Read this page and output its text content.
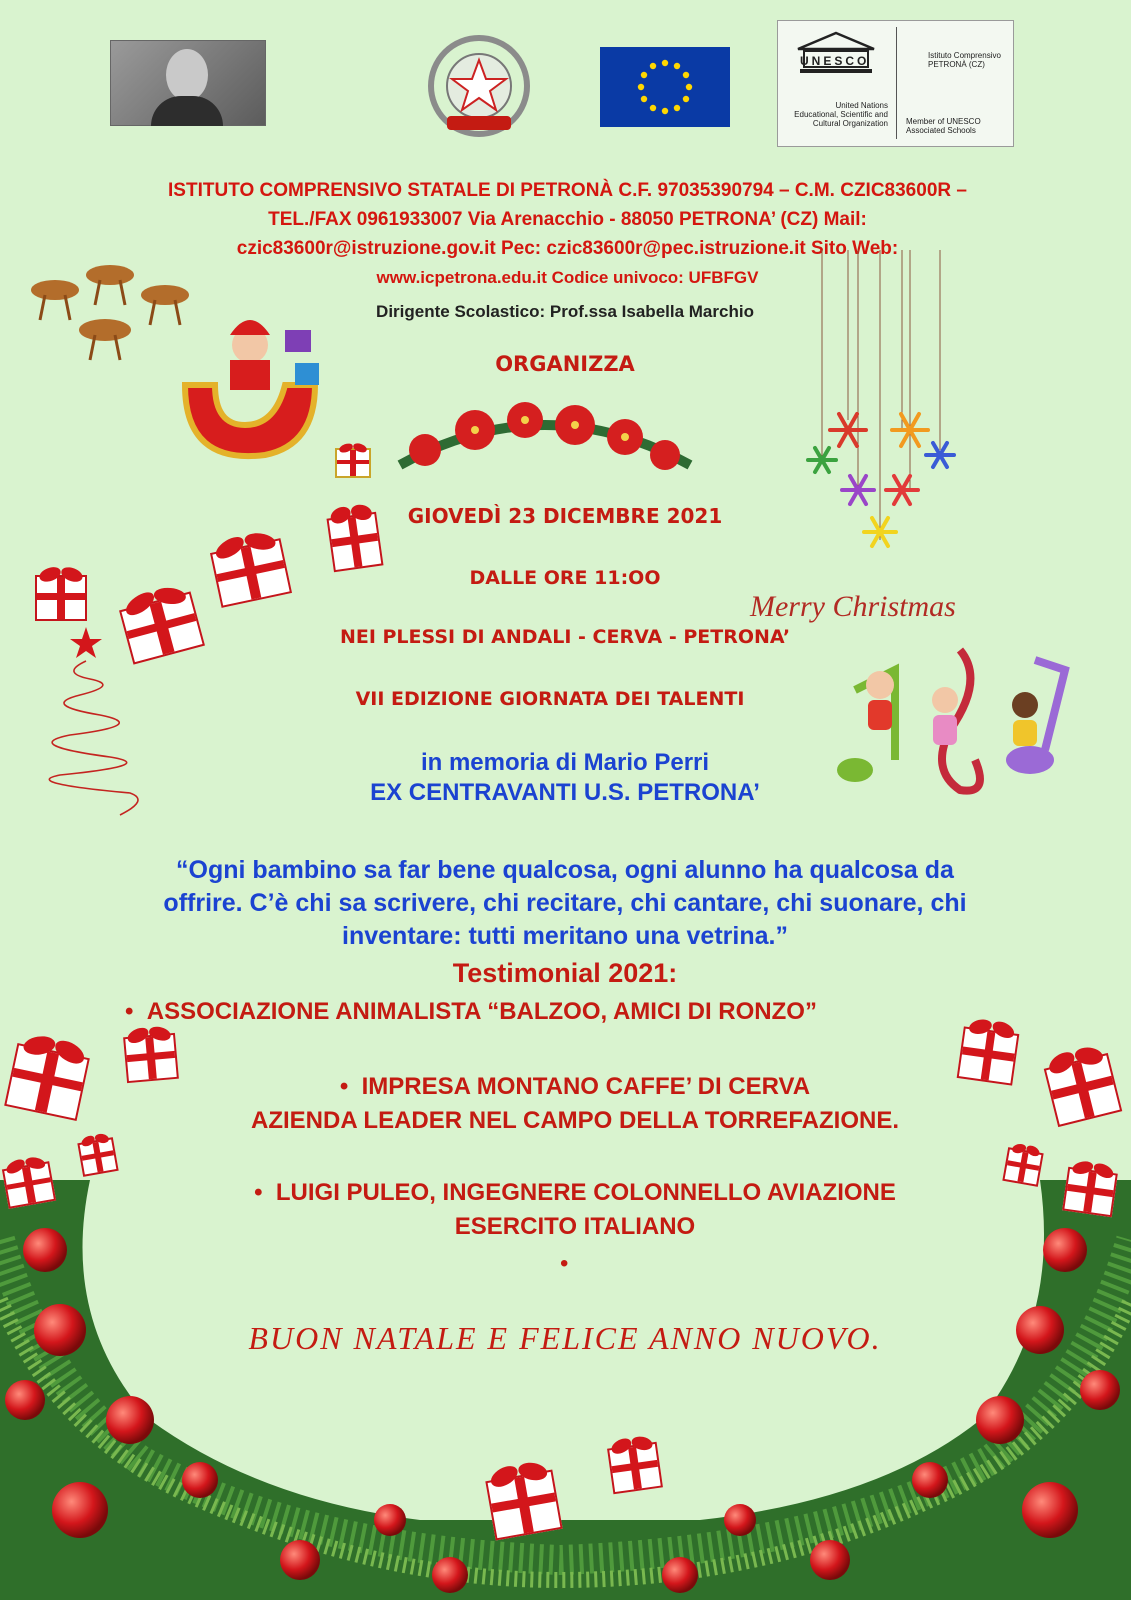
UNESCO
United Nations
Educational, Scientific and
Cultural Organization
Istituto Comprensivo
PETRONÀ (CZ)
Member of UNESCO
Associated Schools
ISTITUTO COMPRENSIVO STATALE DI PETRONÀ C.F. 97035390794 – C.M. CZIC83600R –
TEL./FAX 0961933007 Via Arenacchio - 88050 PETRONA’ (CZ) Mail:
czic83600r@istruzione.gov.it Pec: czic83600r@pec.istruzione.it Sito Web:
www.icpetrona.edu.it Codice univoco: UFBFGV
Dirigente Scolastico: Prof.ssa Isabella Marchio
ORGANIZZA
GIOVEDÌ 23 DICEMBRE 2021
DALLE ORE 11:OO
NEI PLESSI DI ANDALI - CERVA - PETRONA’
VII EDIZIONE GIORNATA DEI TALENTI
in memoria di Mario Perri
EX CENTRAVANTI U.S. PETRONA’
Merry Christmas
“Ogni bambino sa far bene qualcosa, ogni alunno ha qualcosa da
offrire. C’è chi sa scrivere, chi recitare, chi cantare, chi suonare, chi
inventare: tutti meritano una vetrina.”
Testimonial 2021:
•  ASSOCIAZIONE ANIMALISTA “BALZOO, AMICI DI RONZO”
•  IMPRESA MONTANO CAFFE’ DI CERVA
AZIENDA LEADER NEL CAMPO DELLA TORREFAZIONE.
•  LUIGI PULEO, INGEGNERE COLONNELLO AVIAZIONE
ESERCITO ITALIANO
•
BUON NATALE E FELICE ANNO NUOVO.
